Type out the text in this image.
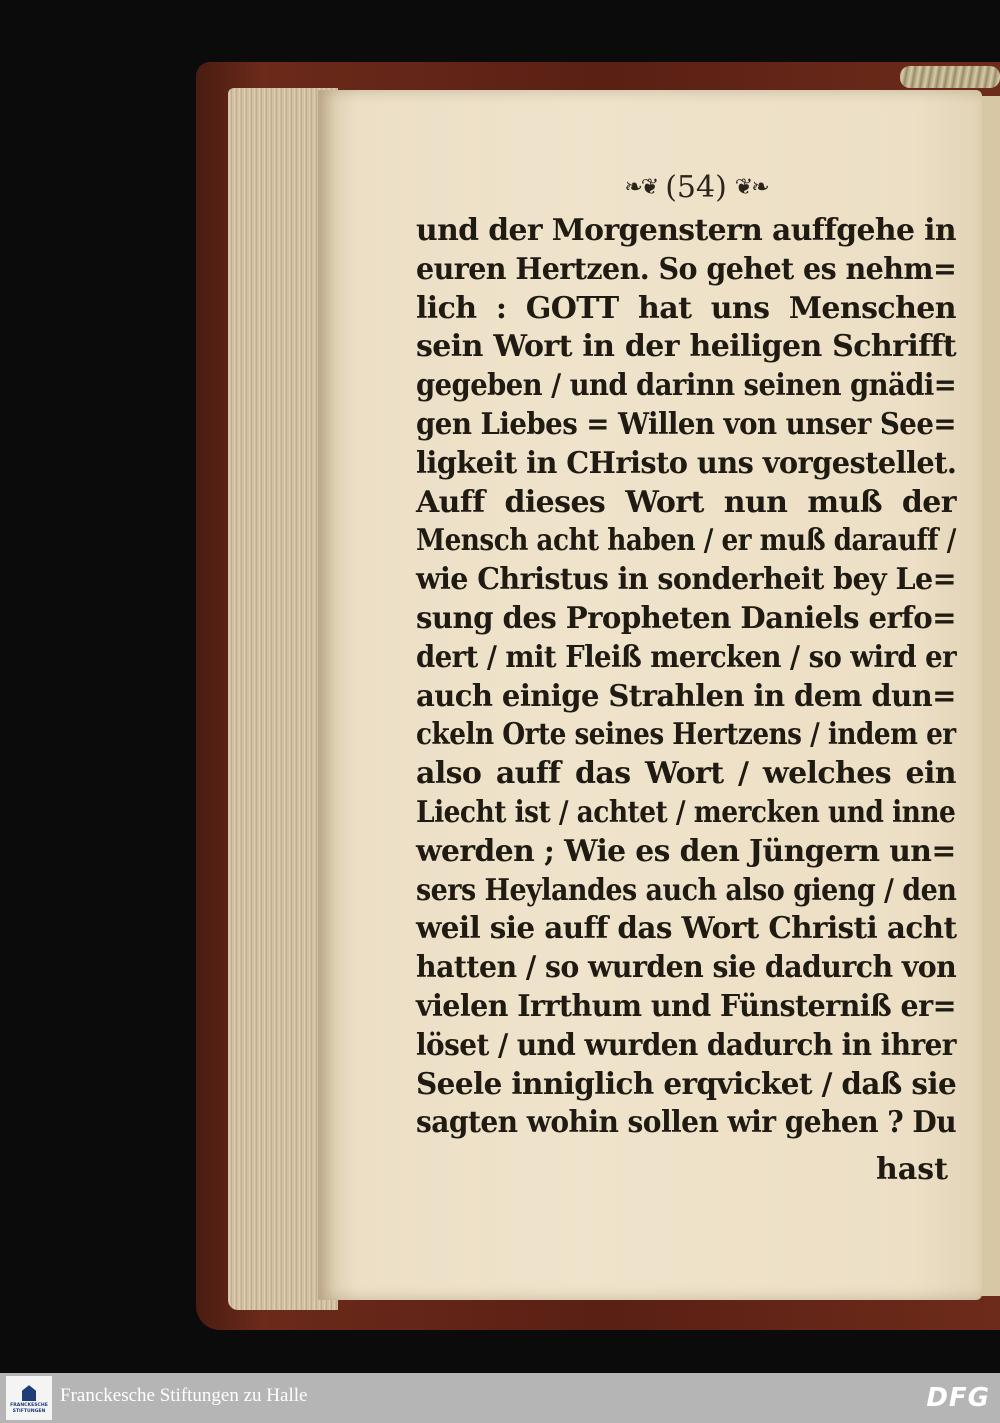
❧❦ (54) ❦❧
und der Morgenstern auffgehe in
euren Hertzen. So gehet es nehm=
lich : GOTT hat uns Menschen
sein Wort in der heiligen Schrifft
gegeben / und darinn seinen gnädi=
gen Liebes = Willen von unser See=
ligkeit in CHristo uns vorgestellet.
Auff dieses Wort nun muß der
Mensch acht haben / er muß darauff /
wie Christus in sonderheit bey Le=
sung des Propheten Daniels erfo=
dert / mit Fleiß mercken / so wird er
auch einige Strahlen in dem dun=
ckeln Orte seines Hertzens / indem er
also auff das Wort / welches ein
Liecht ist / achtet / mercken und inne
werden ; Wie es den Jüngern un=
sers Heylandes auch also gieng / den
weil sie auff das Wort Christi acht
hatten / so wurden sie dadurch von
vielen Irrthum und Fünsterniß er=
löset / und wurden dadurch in ihrer
Seele inniglich erqvicket / daß sie
sagten wohin sollen wir gehen ? Du
hast
FRANCKESCHE STIFTUNGEN
Franckesche Stiftungen zu Halle	DFG
